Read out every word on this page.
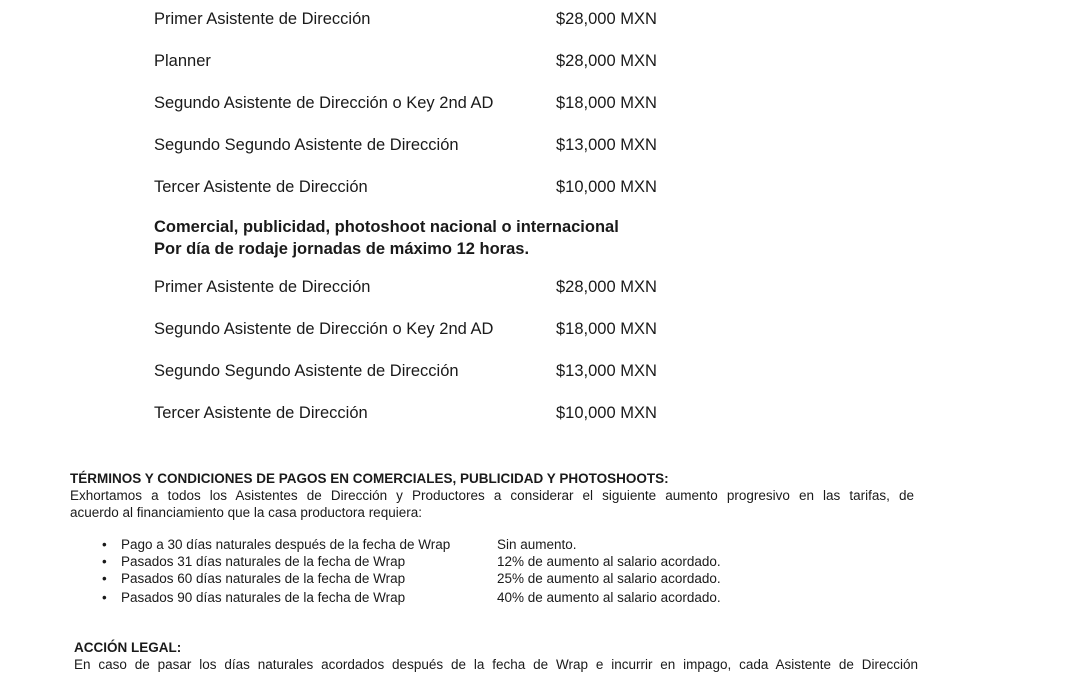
Primer Asistente de Dirección	$28,000 MXN
Planner	$28,000 MXN
Segundo Asistente de Dirección o Key 2nd AD	$18,000 MXN
Segundo Segundo Asistente de Dirección	$13,000 MXN
Tercer Asistente de Dirección	$10,000 MXN
Comercial, publicidad, photoshoot nacional o internacional
Por día de rodaje jornadas de máximo 12 horas.
Primer Asistente de Dirección	$28,000 MXN
Segundo Asistente de Dirección o Key 2nd AD	$18,000 MXN
Segundo Segundo Asistente de Dirección	$13,000 MXN
Tercer Asistente de Dirección	$10,000 MXN
TÉRMINOS Y CONDICIONES DE PAGOS EN COMERCIALES, PUBLICIDAD Y PHOTOSHOOTS:
Exhortamos a todos los Asistentes de Dirección y Productores a considerar el siguiente aumento progresivo en las tarifas, de
acuerdo al financiamiento que la casa productora requiera:
• Pago a 30 días naturales después de la fecha de Wrap	Sin aumento.
• Pasados 31 días naturales de la fecha de Wrap	12% de aumento al salario acordado.
• Pasados 60 días naturales de la fecha de Wrap	25% de aumento al salario acordado.
• Pasados 90 días naturales de la fecha de Wrap	40% de aumento al salario acordado.
ACCIÓN LEGAL:
En caso de pasar los días naturales acordados después de la fecha de Wrap e incurrir en impago, cada Asistente de Dirección
